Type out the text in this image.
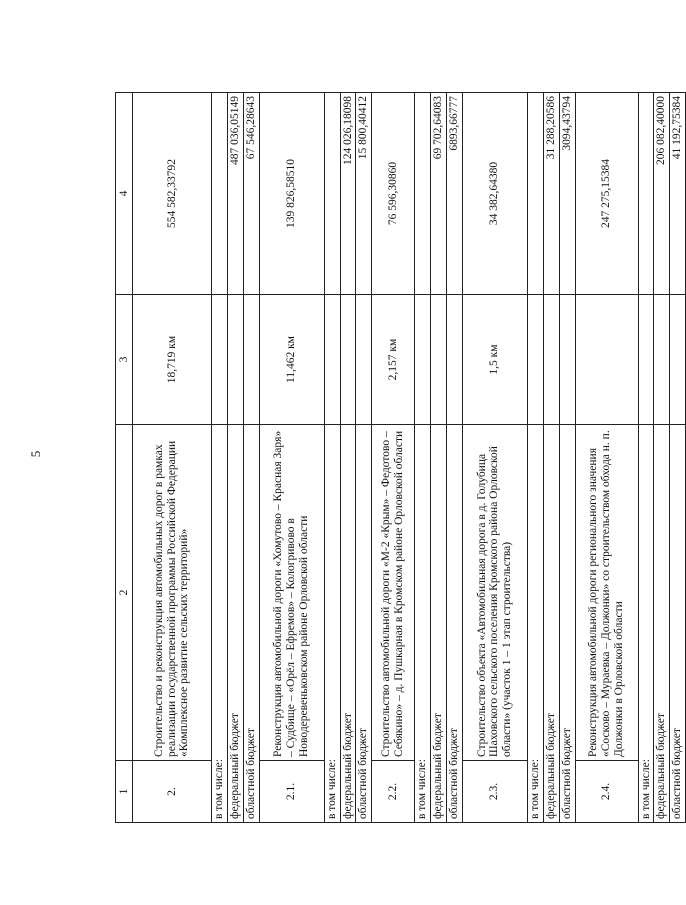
5
1	2	3	4
2.	Строительство и реконструкция автомобильных дорог в рамках реализации государственной программы Российской Федерации «Комплексное развитие сельских территорий»	18,719 км	554 582,33792
в том числе:			
федеральный бюджет			487 036,05149
областной бюджет			67 546,28643
2.1.	Реконструкция автомобильной дороги «Хомутово – Красная Заря» – Судбище – «Орёл – Ефремов» – Кологривово в Новодеревеньковском районе Орловской области	11,462 км	139 826,58510
в том числе:			
федеральный бюджет			124 026,18098
областной бюджет			15 800,40412
2.2.	Строительство автомобильной дороги «М-2 «Крым» – Федотово – Себякино» – д. Пушкарная в Кромском районе Орловской области	2,157 км	76 596,30860
в том числе:			
федеральный бюджет			69 702,64083
областной бюджет			6893,66777
2.3.	Строительство объекта «Автомобильная дорога в д. Голубица Шаховского сельского поселения Кромского района Орловской области» (участок 1 – 1 этап строительства)	1,5 км	34 382,64380
в том числе:			
федеральный бюджет			31 288,20586
областной бюджет			3094,43794
2.4.	Реконструкция автомобильной дороги регионального значения «Сосково – Мураевка – Должонки» со строительством обхода н. п. Должонки в Орловской области		247 275,15384
в том числе:			
федеральный бюджет			206 082,40000
областной бюджет			41 192,75384
